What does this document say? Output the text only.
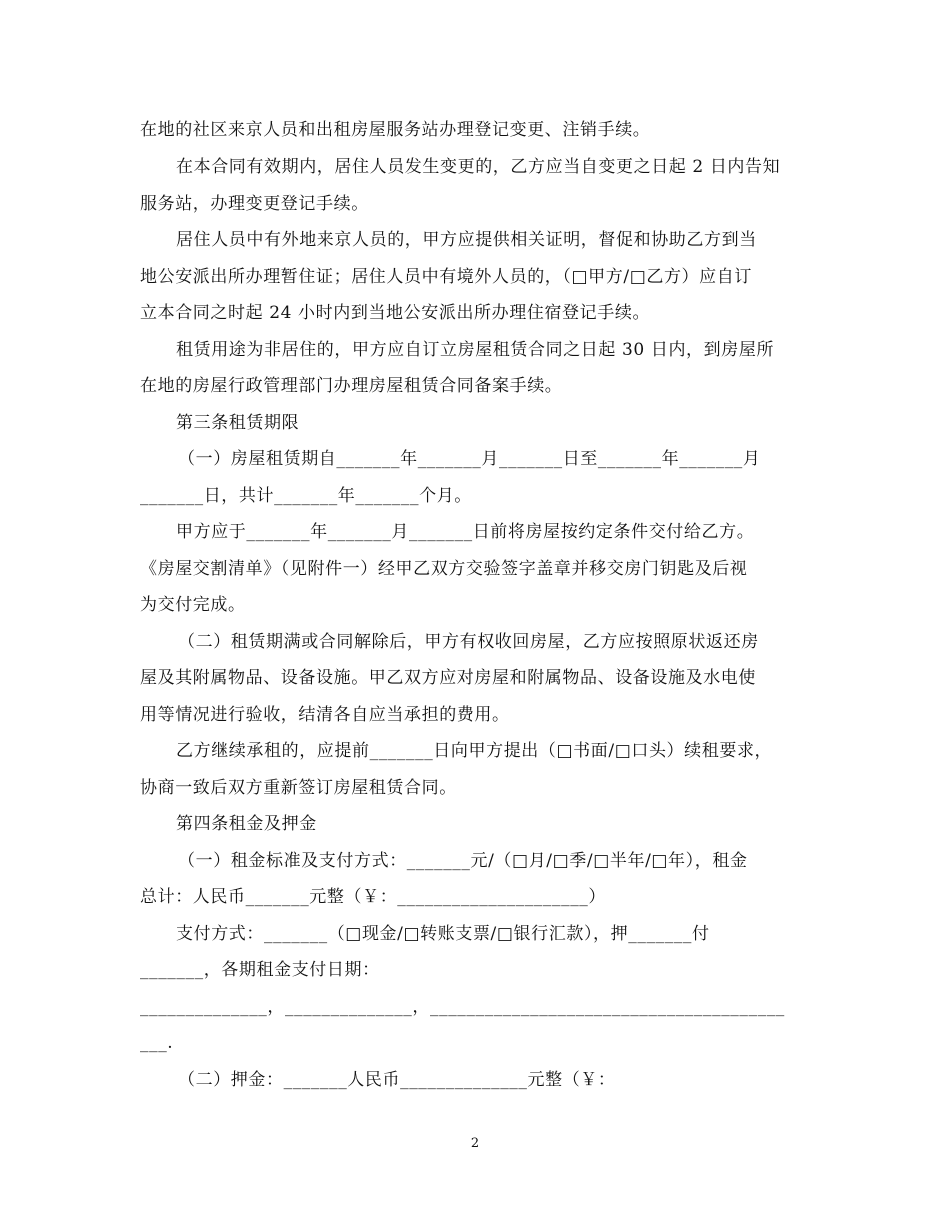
在地的社区来京人员和出租房屋服务站办理登记变更、注销手续。
在本合同有效期内，居住人员发生变更的，乙方应当自变更之日起 2 日内告知
服务站，办理变更登记手续。
居住人员中有外地来京人员的，甲方应提供相关证明，督促和协助乙方到当
地公安派出所办理暂住证；居住人员中有境外人员的，（□甲方/□乙方）应自订
立本合同之时起 24 小时内到当地公安派出所办理住宿登记手续。
租赁用途为非居住的，甲方应自订立房屋租赁合同之日起 30 日内，到房屋所
在地的房屋行政管理部门办理房屋租赁合同备案手续。
第三条租赁期限
（一）房屋租赁期自_______年_______月_______日至_______年_______月
_______日，共计_______年_______个月。
甲方应于_______年_______月_______日前将房屋按约定条件交付给乙方。
《房屋交割清单》（见附件一）经甲乙双方交验签字盖章并移交房门钥匙及后视
为交付完成。
（二）租赁期满或合同解除后，甲方有权收回房屋，乙方应按照原状返还房
屋及其附属物品、设备设施。甲乙双方应对房屋和附属物品、设备设施及水电使
用等情况进行验收，结清各自应当承担的费用。
乙方继续承租的，应提前_______日向甲方提出（□书面/□口头）续租要求，
协商一致后双方重新签订房屋租赁合同。
第四条租金及押金
（一）租金标准及支付方式：_______元/（□月/□季/□半年/□年），租金
总计：人民币_______元整（￥：_____________________）
支付方式：_______（□现金/□转账支票/□银行汇款），押_______付
_______，各期租金支付日期：
______________，______________，_______________________________________
___.
（二）押金：_______人民币______________元整（￥：
2
